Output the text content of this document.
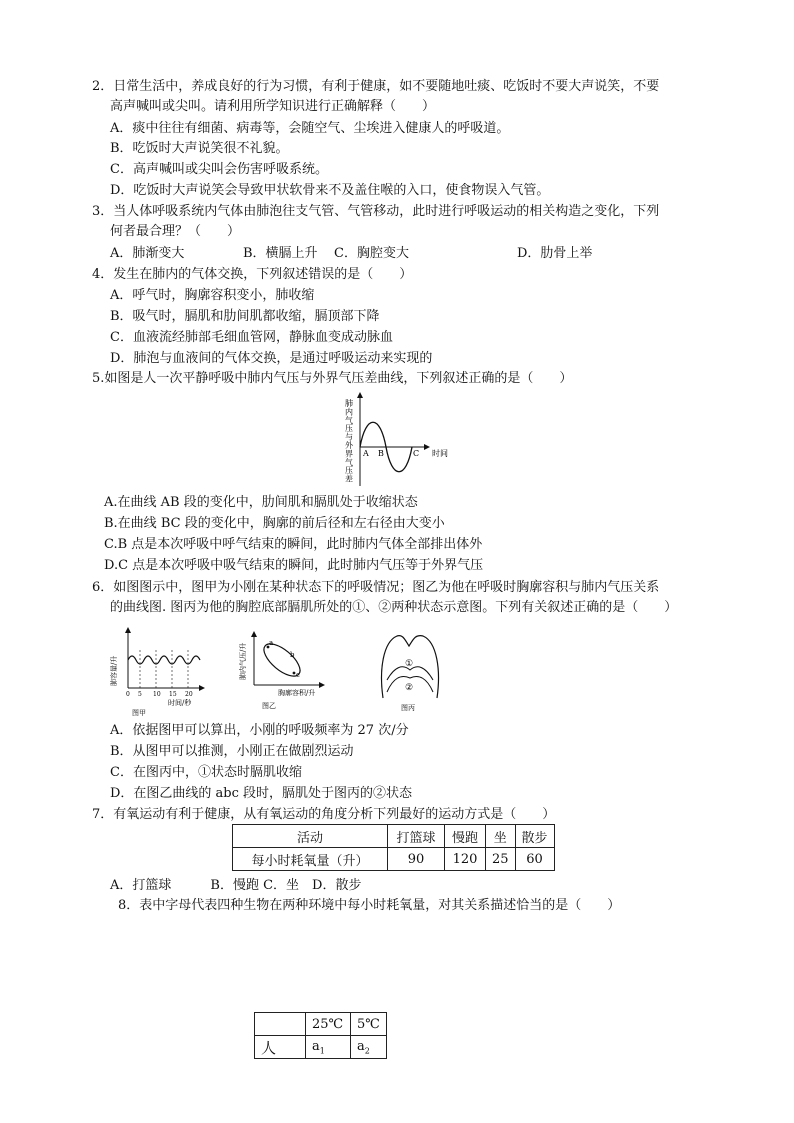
2．日常生活中，养成良好的行为习惯，有利于健康，如不要随地吐痰、吃饭时不要大声说笑，不要
高声喊叫或尖叫。请利用所学知识进行正确解释（　　）
A．痰中往往有细菌、病毒等，会随空气、尘埃进入健康人的呼吸道。
B．吃饭时大声说笑很不礼貌。
C．高声喊叫或尖叫会伤害呼吸系统。
D．吃饭时大声说笑会导致甲状软骨来不及盖住喉的入口，使食物误入气管。
3．当人体呼吸系统内气体由肺泡往支气管、气管移动，此时进行呼吸运动的相关构造之变化，下列
何者最合理？（　　）
A．肺渐变大	B．横膈上升 C．胸腔变大	D．肋骨上举
4．发生在肺内的气体交换，下列叙述错误的是（　　）
A．呼气时，胸廓容积变小，肺收缩
B．吸气时，膈肌和肋间肌都收缩，膈顶部下降
C．血液流经肺部毛细血管网，静脉血变成动脉血
D．肺泡与血液间的气体交换，是通过呼吸运动来实现的
5.如图是人一次平静呼吸中肺内气压与外界气压差曲线，下列叙述正确的是（　　）
肺内气压与外界气压差
A B	C 时间
A.在曲线 AB 段的变化中，肋间肌和膈肌处于收缩状态
B.在曲线 BC 段的变化中，胸廓的前后径和左右径由大变小
C.B 点是本次呼吸中呼气结束的瞬间，此时肺内气体全部排出体外
D.C 点是本次呼吸中吸气结束的瞬间，此时肺内气压等于外界气压
6．如图图示中，图甲为小刚在某种状态下的呼吸情况；图乙为他在呼吸时胸廓容积与肺内气压关系
的曲线图. 图丙为他的胸腔底部膈肌所处的①、②两种状态示意图。下列有关叙述正确的是（　　）
肺容量/升
0 5 10 15 20
时间/秒
图甲
肺内气压/升	a
b
c
胸廓容积/升
图乙
①
②
图丙
A．依据图甲可以算出，小刚的呼吸频率为 27 次/分
B．从图甲可以推测，小刚正在做剧烈运动
C．在图丙中，①状态时膈肌收缩
D．在图乙曲线的 abc 段时，膈肌处于图丙的②状态
7．有氧运动有利于健康，从有氧运动的角度分析下列最好的运动方式是（　　）
活动	打篮球	慢跑	坐	散步
每小时耗氧量（升）	90	120	25	60
A．打篮球　　　B．慢跑 C．坐　D．散步
8．表中字母代表四种生物在两种环境中每小时耗氧量，对其关系描述恰当的是（　　）
	25℃	5℃
人	$a_1$	$a_2$
